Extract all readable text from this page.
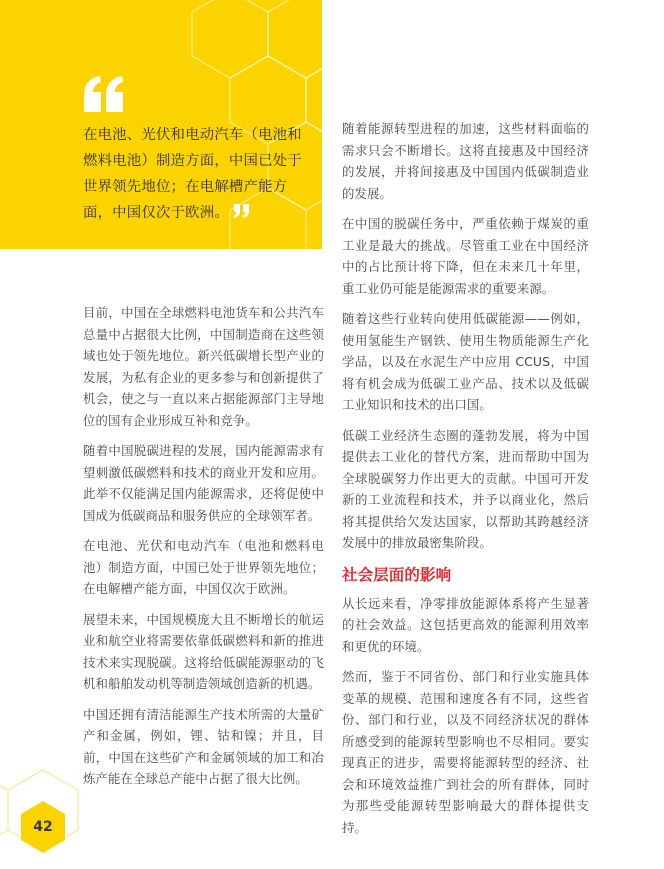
在电池、光伏和电动汽车（电池和燃料电池）制造方面，中国已处于世界领先地位；在电解槽产能方面，中国仅次于欧洲。

目前，中国在全球燃料电池货车和公共汽车总量中占据很大比例，中国制造商在这些领域也处于领先地位。新兴低碳增长型产业的发展，为私有企业的更多参与和创新提供了机会，使之与一直以来占据能源部门主导地位的国有企业形成互补和竞争。

随着中国脱碳进程的发展，国内能源需求有望刺激低碳燃料和技术的商业开发和应用。此举不仅能满足国内能源需求，还将促使中国成为低碳商品和服务供应的全球领军者。

在电池、光伏和电动汽车（电池和燃料电池）制造方面，中国已处于世界领先地位；在电解槽产能方面，中国仅次于欧洲。

展望未来，中国规模庞大且不断增长的航运业和航空业将需要依靠低碳燃料和新的推进技术来实现脱碳。这将给低碳能源驱动的飞机和船舶发动机等制造领域创造新的机遇。

中国还拥有清洁能源生产技术所需的大量矿产和金属，例如，锂、钴和镍；并且，目前，中国在这些矿产和金属领域的加工和冶炼产能在全球总产能中占据了很大比例。

随着能源转型进程的加速，这些材料面临的需求只会不断增长。这将直接惠及中国经济的发展，并将间接惠及中国国内低碳制造业的发展。

在中国的脱碳任务中，严重依赖于煤炭的重工业是最大的挑战。尽管重工业在中国经济中的占比预计将下降，但在未来几十年里，重工业仍可能是能源需求的重要来源。

随着这些行业转向使用低碳能源——例如，使用氢能生产钢铁、使用生物质能源生产化学品，以及在水泥生产中应用 CCUS，中国将有机会成为低碳工业产品、技术以及低碳工业知识和技术的出口国。

低碳工业经济生态圈的蓬勃发展，将为中国提供去工业化的替代方案，进而帮助中国为全球脱碳努力作出更大的贡献。中国可开发新的工业流程和技术，并予以商业化，然后将其提供给欠发达国家，以帮助其跨越经济发展中的排放最密集阶段。

社会层面的影响

从长远来看，净零排放能源体系将产生显著的社会效益。这包括更高效的能源利用效率和更优的环境。

然而，鉴于不同省份、部门和行业实施具体变革的规模、范围和速度各有不同，这些省份、部门和行业，以及不同经济状况的群体所感受到的能源转型影响也不尽相同。要实现真正的进步，需要将能源转型的经济、社会和环境效益推广到社会的所有群体，同时为那些受能源转型影响最大的群体提供支持。

42
